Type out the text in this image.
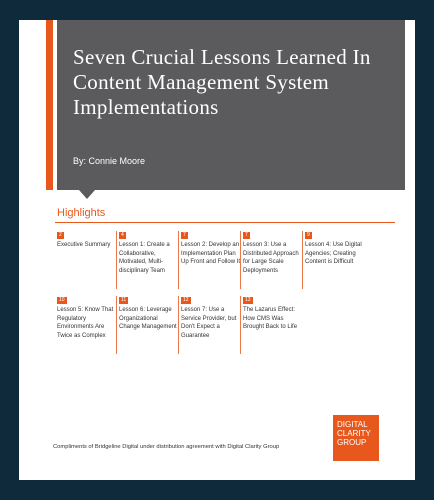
Seven Crucial Lessons Learned In Content Management System Implementations
By: Connie Moore
Highlights
2
Executive Summary
4
Lesson 1: Create a Collaborative, Motivated, Multi-disciplinary Team
7
Lesson 2: Develop an Implementation Plan Up Front and Follow It
7
Lesson 3: Use a Distributed Approach for Large Scale Deployments
9
Lesson 4: Use Digital Agencies; Creating Content is Difficult
10
Lesson 5: Know That Regulatory Environments Are Twice as Complex
11
Lesson 6: Leverage Organizational Change Management
12
Lesson 7: Use a Service Provider, but Don't Expect a Guarantee
13
The Lazarus Effect: How CMS Was Brought Back to Life
Compliments of Bridgeline Digital under distribution agreement with Digital Clarity Group
DIGITAL
CLARITY
GROUP
